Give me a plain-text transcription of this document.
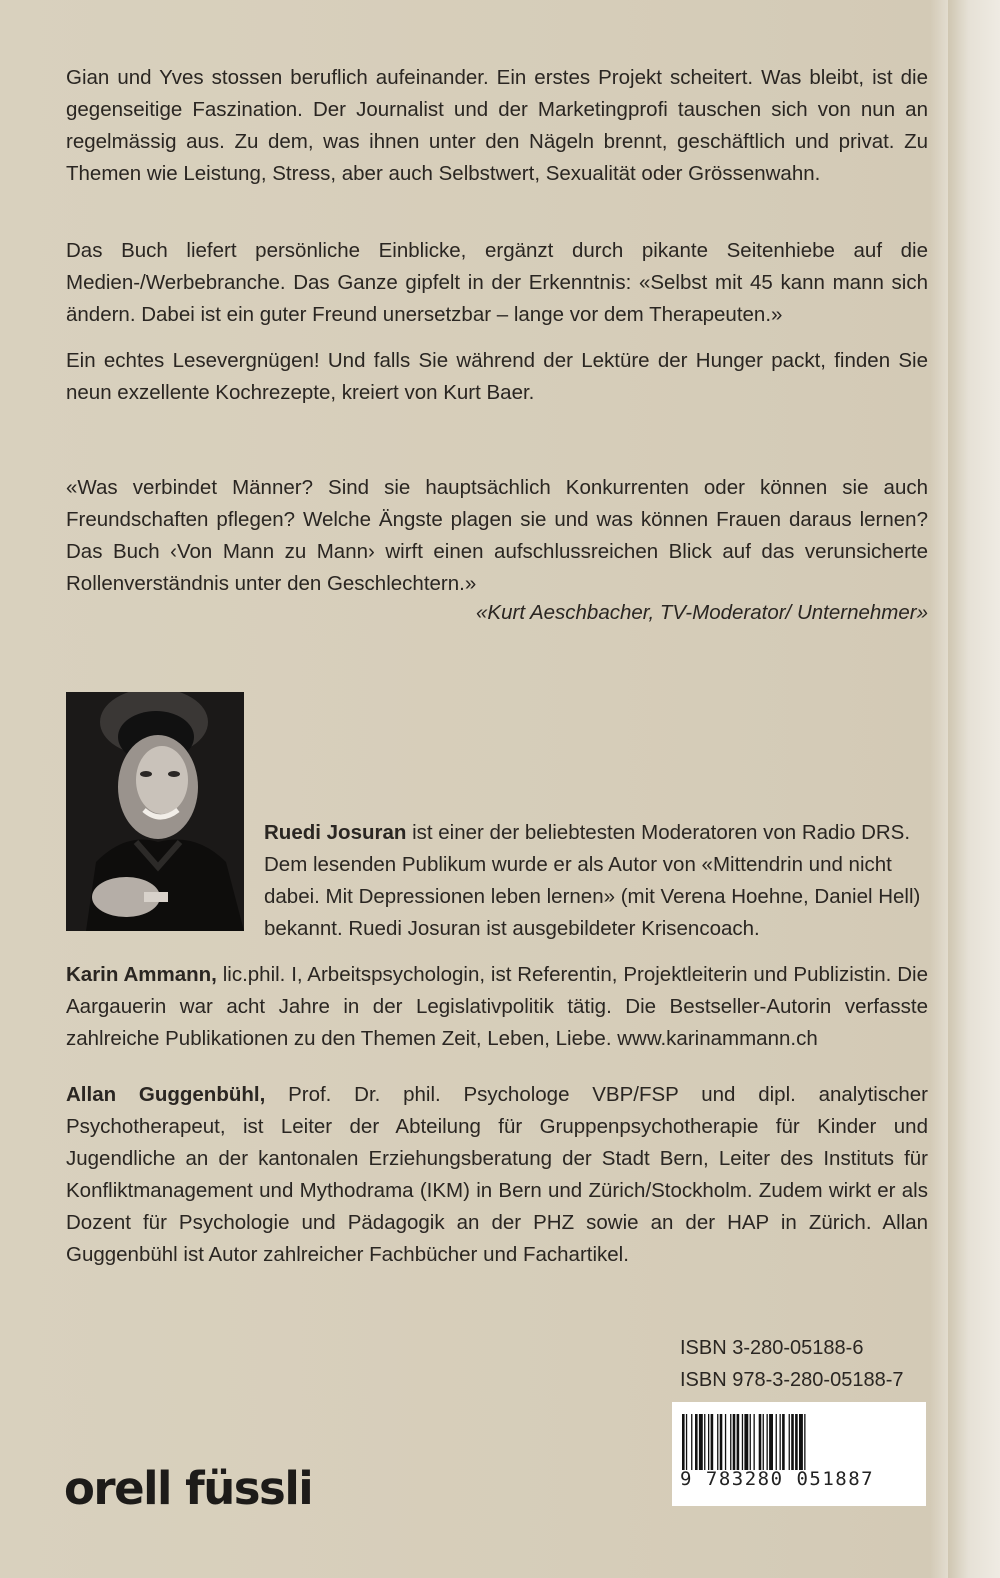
Gian und Yves stossen beruflich aufeinander. Ein erstes Projekt scheitert. Was bleibt, ist die gegenseitige Faszination. Der Journalist und der Marketingprofi tauschen sich von nun an regelmässig aus. Zu dem, was ihnen unter den Nägeln brennt, geschäftlich und privat. Zu Themen wie Leistung, Stress, aber auch Selbstwert, Sexualität oder Grössenwahn.

Das Buch liefert persönliche Einblicke, ergänzt durch pikante Seitenhiebe auf die Medien-/Werbebranche. Das Ganze gipfelt in der Erkenntnis: «Selbst mit 45 kann mann sich ändern. Dabei ist ein guter Freund unersetzbar – lange vor dem Therapeuten.»

Ein echtes Lesevergnügen! Und falls Sie während der Lektüre der Hunger packt, finden Sie neun exzellente Kochrezepte, kreiert von Kurt Baer.

«Was verbindet Männer? Sind sie hauptsächlich Konkurrenten oder können sie auch Freundschaften pflegen? Welche Ängste plagen sie und was können Frauen daraus lernen? Das Buch ‹Von Mann zu Mann› wirft einen aufschlussreichen Blick auf das verunsicherte Rollenverständnis unter den Geschlechtern.»

«Kurt Aeschbacher, TV-Moderator/ Unternehmer»

Ruedi Josuran ist einer der beliebtesten Moderatoren von Radio DRS. Dem lesenden Publikum wurde er als Autor von «Mittendrin und nicht dabei. Mit Depressionen leben lernen» (mit Verena Hoehne, Daniel Hell) bekannt. Ruedi Josuran ist ausgebildeter Krisencoach.

Karin Ammann, lic.phil. I, Arbeitspsychologin, ist Referentin, Projektleiterin und Publizistin. Die Aargauerin war acht Jahre in der Legislativpolitik tätig. Die Bestseller-Autorin verfasste zahlreiche Publikationen zu den Themen Zeit, Leben, Liebe. www.karinammann.ch

Allan Guggenbühl, Prof. Dr. phil. Psychologe VBP/FSP und dipl. analytischer Psychotherapeut, ist Leiter der Abteilung für Gruppenpsychotherapie für Kinder und Jugendliche an der kantonalen Erziehungsberatung der Stadt Bern, Leiter des Instituts für Konfliktmanagement und Mythodrama (IKM) in Bern und Zürich/Stockholm. Zudem wirkt er als Dozent für Psychologie und Pädagogik an der PHZ sowie an der HAP in Zürich. Allan Guggenbühl ist Autor zahlreicher Fachbücher und Fachartikel.

ISBN 3-280-05188-6

ISBN 978-3-280-05188-7

9 783280 051887

orell füssli
